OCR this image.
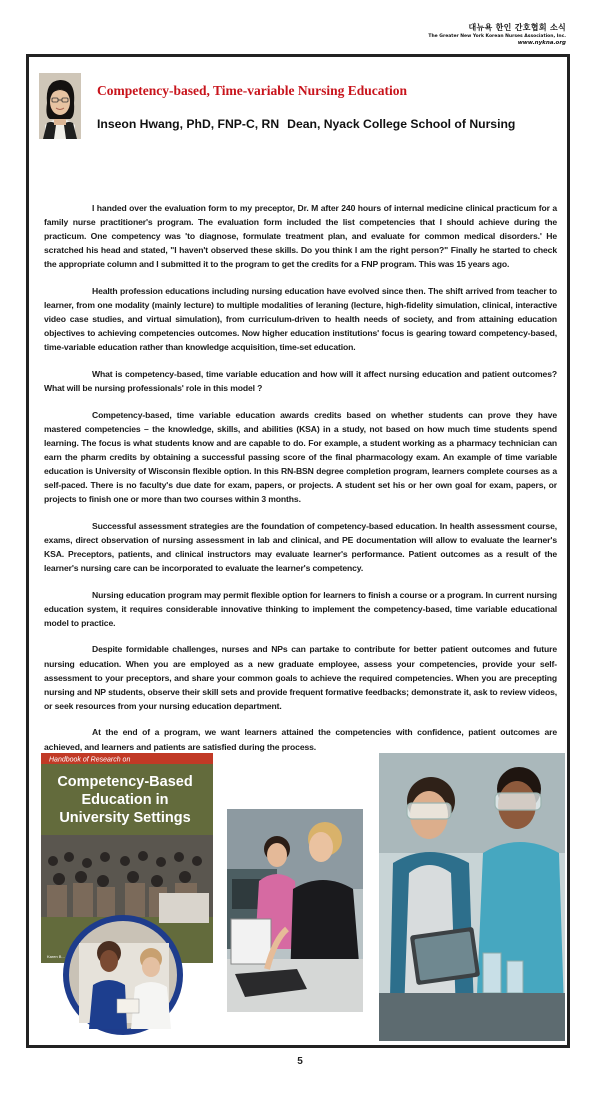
대뉴욕 한인 간호협회 소식
The Greater New York Korean Nurses Association, Inc.
www.nyknа.org
Competency-based, Time-variable Nursing Education
Inseon Hwang, PhD, FNP-C, RN Dean, Nyack College School of Nursing

I handed over the evaluation form to my preceptor, Dr. M after 240 hours of internal medicine clinical practicum for a family nurse practitioner's program. The evaluation form included the list competencies that I should achieve during the practicum. One competency was 'to diagnose, formulate treatment plan, and evaluate for common medical disorders.' He scratched his head and stated, "I haven't observed these skills. Do you think I am the right person?" Finally he started to check the appropriate column and I submitted it to the program to get the credits for a FNP program. This was 15 years ago.

Health profession educations including nursing education have evolved since then. The shift arrived from teacher to learner, from one modality (mainly lecture) to multiple modalities of leraning (lecture, high-fidelity simulation, clinical, interactive video case studies, and virtual simulation), from curriculum-driven to health needs of society, and from attaining education objectives to achieving competencies outcomes. Now higher education institutions' focus is gearing toward competency-based, time-variable education rather than knowledge acquisition, time-set education.

What is competency-based, time variable education and how will it affect nursing education and patient outcomes? What will be nursing professionals' role in this model ?

Competency-based, time variable education awards credits based on whether students can prove they have mastered competencies – the knowledge, skills, and abilities (KSA) in a study, not based on how much time students spend learning. The focus is what students know and are capable to do. For example, a student working as a pharmacy technician can earn the pharm credits by obtaining a successful passing score of the final pharmacology exam. An example of time variable education is University of Wisconsin flexible option. In this RN-BSN degree completion program, learners complete courses as a self-paced. There is no faculty's due date for exam, papers, or projects. A student set his or her own goal for exam, papers, or projects to finish one or more than two courses within 3 months.

Successful assessment strategies are the foundation of competency-based education. In health assessment course, exams, direct observation of nursing assessment in lab and clinical, and PE documentation will allow to evaluate the learner's KSA. Preceptors, patients, and clinical instructors may evaluate learner's performance. Patient outcomes as a result of the learner's nursing care can be incorporated to evaluate the learner's competency.

Nursing education program may permit flexible option for learners to finish a course or a program. In current nursing education system, it requires considerable innovative thinking to implement the competency-based, time variable educational model to practice.

Despite formidable challenges, nurses and NPs can partake to contribute for better patient outcomes and future nursing education. When you are employed as a new graduate employee, assess your competencies, provide your self-assessment to your preceptors, and share your common goals to achieve the required competencies. When you are precepting nursing and NP students, observe their skill sets and provide frequent formative feedbacks; demonstrate it, ask to review videos, or seek resources from your nursing education department.

At the end of a program, we want learners attained the competencies with confidence, patient outcomes are achieved, and learners and patients are satisfied during the process.

Handbook of Research on
Competency-Based
Education in
University Settings
Karen B...
5
